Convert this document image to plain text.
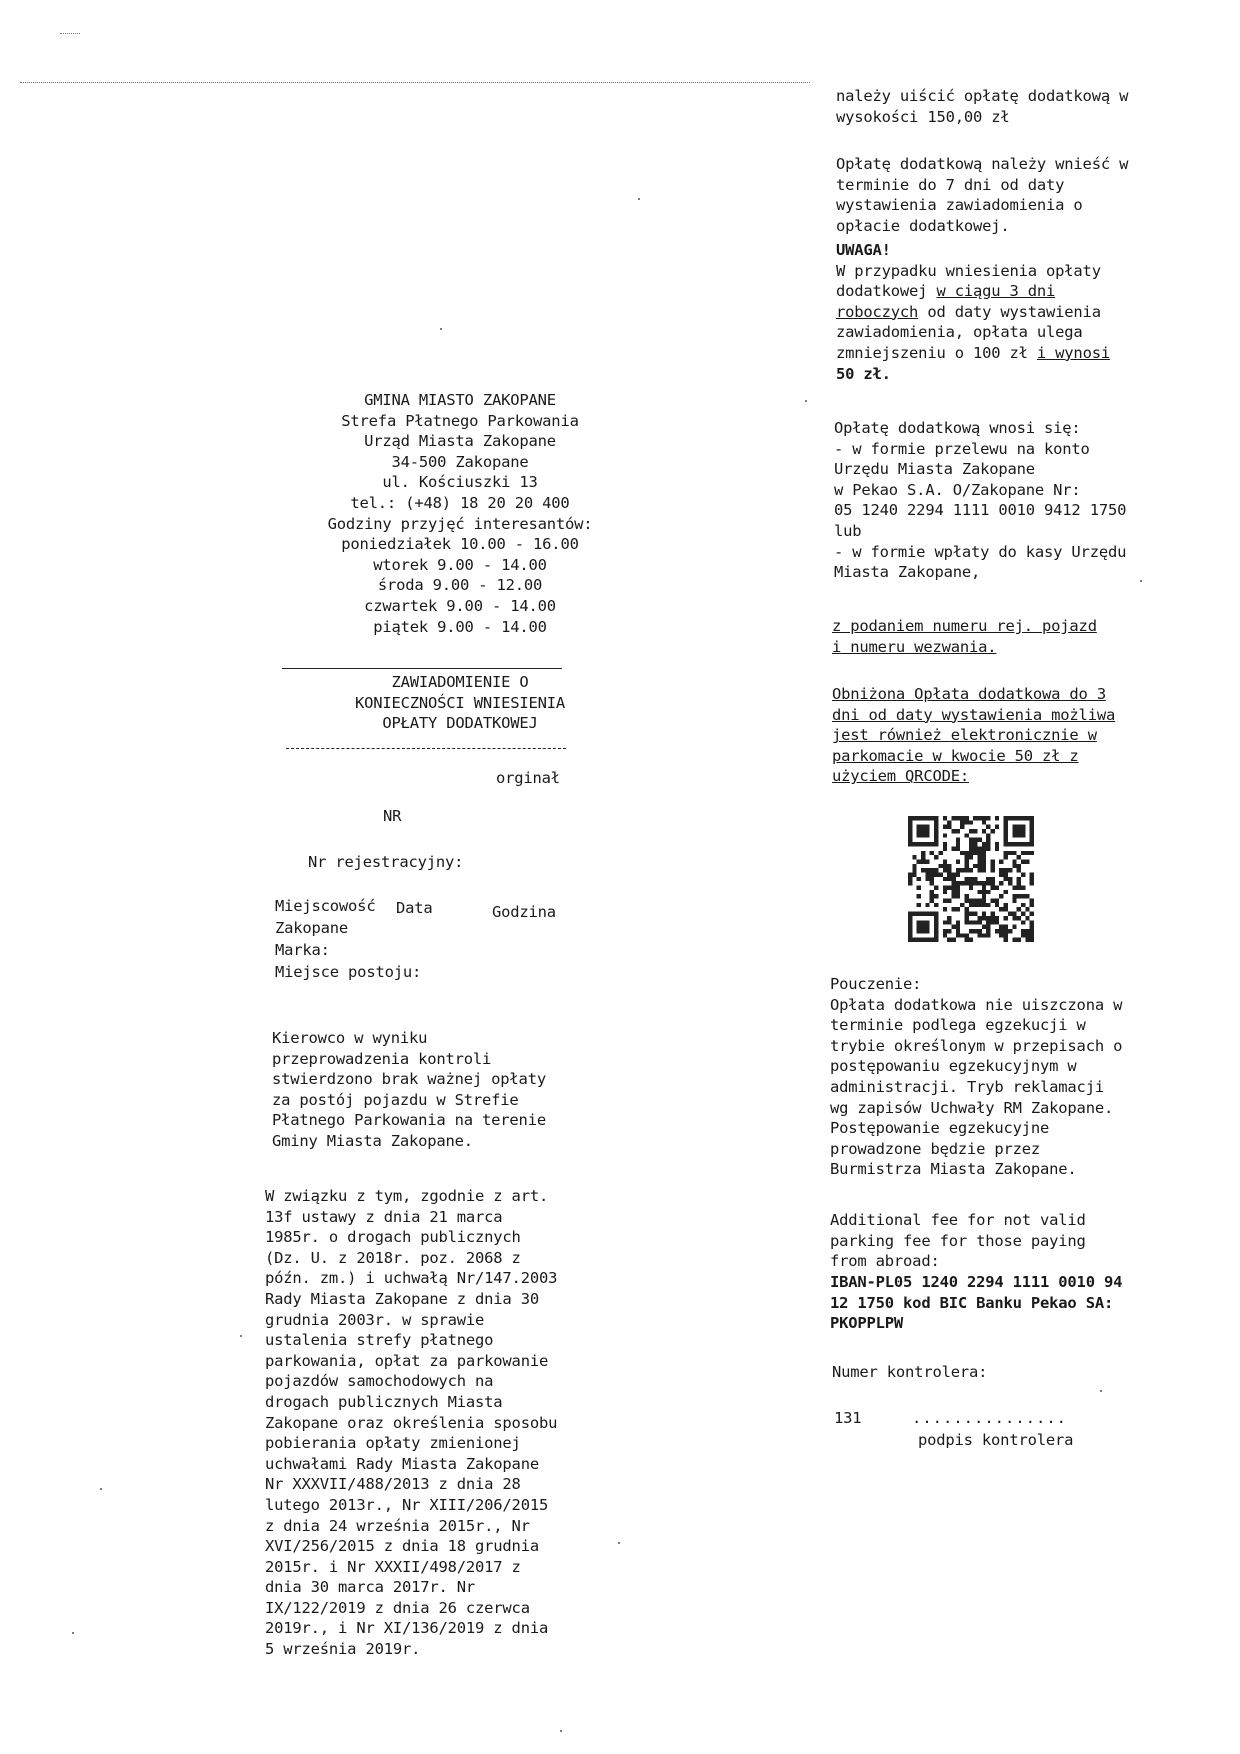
GMINA MIASTO ZAKOPANE
Strefa Płatnego Parkowania
Urząd Miasta Zakopane
34-500 Zakopane
ul. Kościuszki 13
tel.: (+48) 18 20 20 400
Godziny przyjęć interesantów:
poniedziałek 10.00 - 16.00
wtorek 9.00 - 14.00
środa 9.00 - 12.00
czwartek 9.00 - 14.00
piątek 9.00 - 14.00
ZAWIADOMIENIE O
KONIECZNOŚCI WNIESIENIA
OPŁATY DODATKOWEJ
orginał
NR
Nr rejestracyjny:
Miejscowość Data	Godzina
Zakopane
Marka:
Miejsce postoju:
Kierowco w wyniku
przeprowadzenia kontroli
stwierdzono brak ważnej opłaty
za postój pojazdu w Strefie
Płatnego Parkowania na terenie
Gminy Miasta Zakopane.
W związku z tym, zgodnie z art.
13f ustawy z dnia 21 marca
1985r. o drogach publicznych
(Dz. U. z 2018r. poz. 2068 z
późn. zm.) i uchwałą Nr/147.2003
Rady Miasta Zakopane z dnia 30
grudnia 2003r. w sprawie
ustalenia strefy płatnego
parkowania, opłat za parkowanie
pojazdów samochodowych na
drogach publicznych Miasta
Zakopane oraz określenia sposobu
pobierania opłaty zmienionej
uchwałami Rady Miasta Zakopane
Nr XXXVII/488/2013 z dnia 28
lutego 2013r., Nr XIII/206/2015
z dnia 24 września 2015r., Nr
XVI/256/2015 z dnia 18 grudnia
2015r. i Nr XXXII/498/2017 z
dnia 30 marca 2017r. Nr
IX/122/2019 z dnia 26 czerwca
2019r., i Nr XI/136/2019 z dnia
5 września 2019r.
należy uiścić opłatę dodatkową w
wysokości 150,00 zł
Opłatę dodatkową należy wnieść w
terminie do 7 dni od daty
wystawienia zawiadomienia o
opłacie dodatkowej.
UWAGA!
W przypadku wniesienia opłaty
dodatkowej w ciągu 3 dni
roboczych od daty wystawienia
zawiadomienia, opłata ulega
zmniejszeniu o 100 zł i wynosi
50 zł.
Opłatę dodatkową wnosi się:
- w formie przelewu na konto
Urzędu Miasta Zakopane
w Pekao S.A. O/Zakopane Nr:
05 1240 2294 1111 0010 9412 1750
lub
- w formie wpłaty do kasy Urzędu
Miasta Zakopane,
z podaniem numeru rej. pojazd
i numeru wezwania.
Obniżona Opłata dodatkowa do 3
dni od daty wystawienia możliwa
jest również elektronicznie w
parkomacie w kwocie 50 zł z
użyciem QRCODE:
Pouczenie:
Opłata dodatkowa nie uiszczona w
terminie podlega egzekucji w
trybie określonym w przepisach o
postępowaniu egzekucyjnym w
administracji. Tryb reklamacji
wg zapisów Uchwały RM Zakopane.
Postępowanie egzekucyjne
prowadzone będzie przez
Burmistrza Miasta Zakopane.
Additional fee for not valid
parking fee for those paying
from abroad:
IBAN-PL05 1240 2294 1111 0010 94
12 1750 kod BIC Banku Pekao SA:
PKOPPLPW
Numer kontrolera:
131	...............
podpis kontrolera
